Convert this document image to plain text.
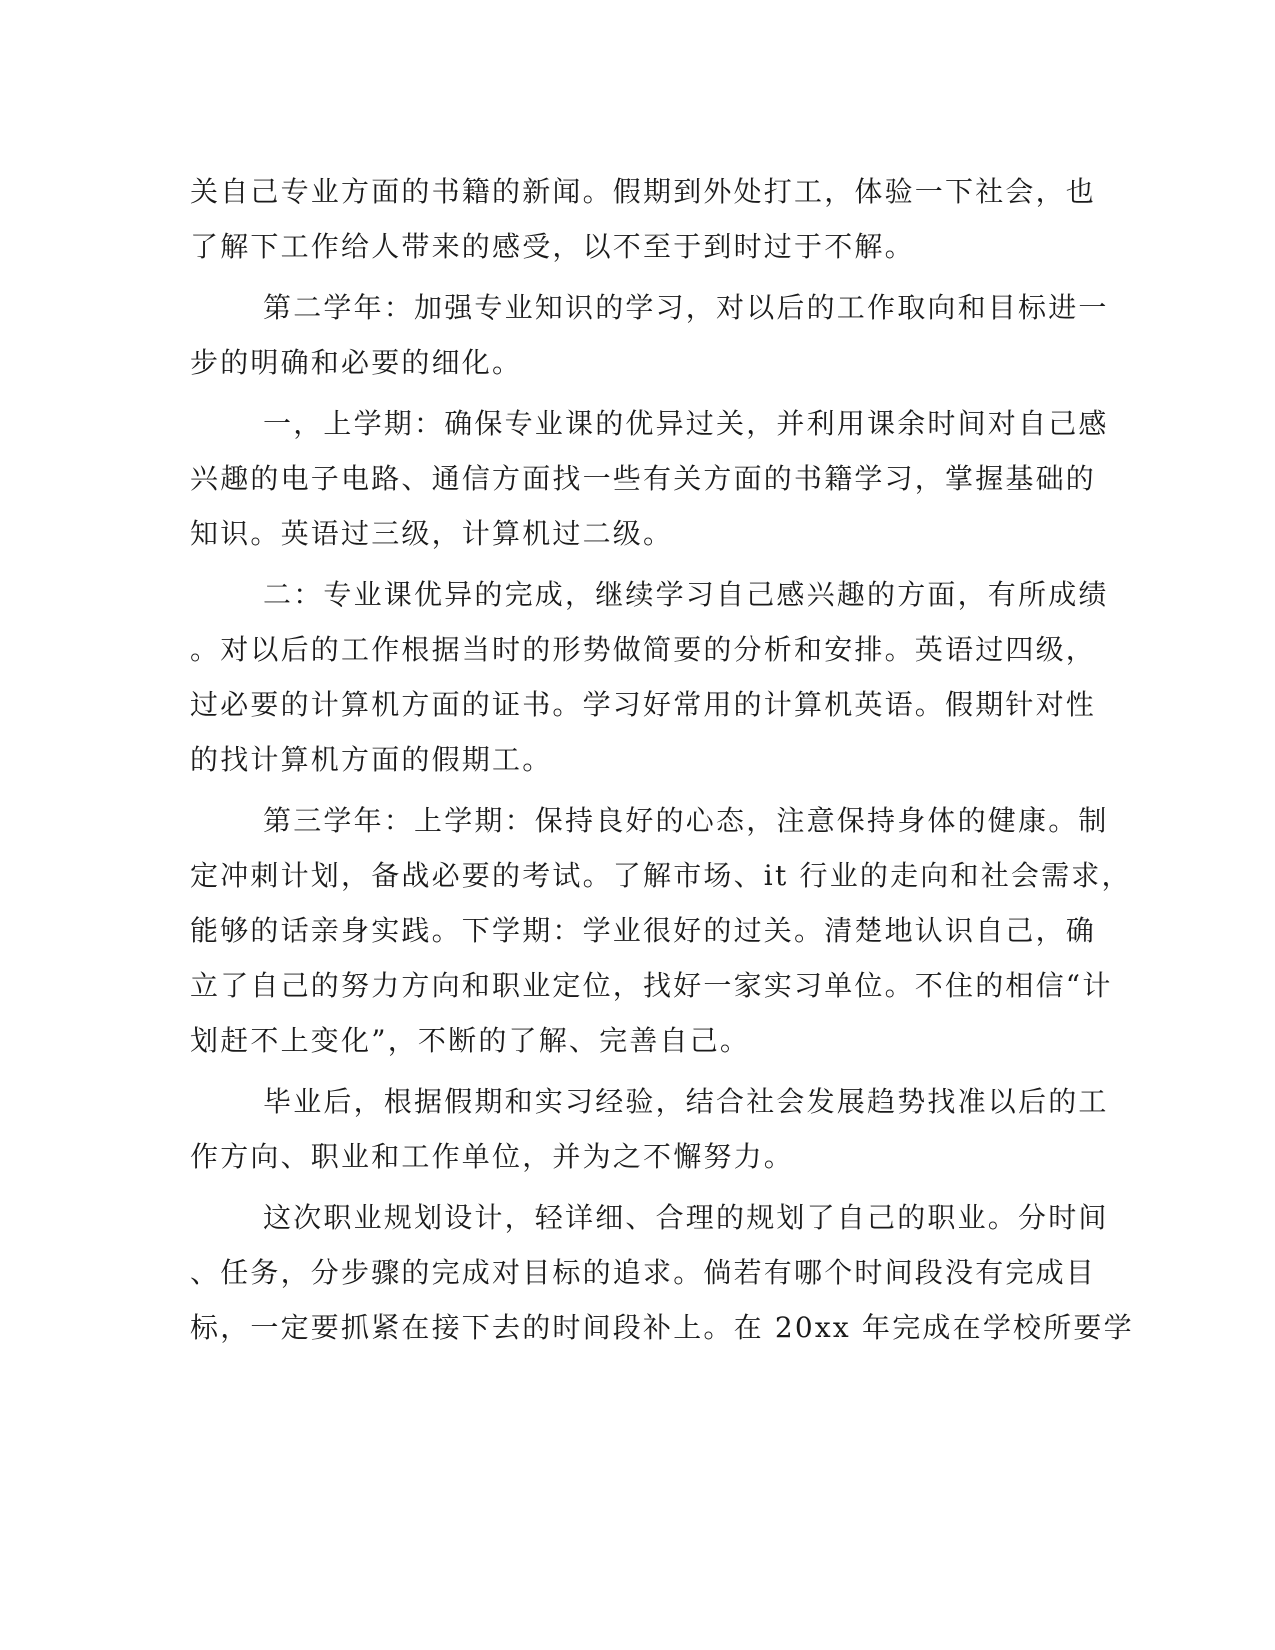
关自己专业方面的书籍的新闻。假期到外处打工，体验一下社会，也
了解下工作给人带来的感受，以不至于到时过于不解。
第二学年：加强专业知识的学习，对以后的工作取向和目标进一
步的明确和必要的细化。
一，上学期：确保专业课的优异过关，并利用课余时间对自己感
兴趣的电子电路、通信方面找一些有关方面的书籍学习，掌握基础的
知识。英语过三级，计算机过二级。
二：专业课优异的完成，继续学习自己感兴趣的方面，有所成绩
。对以后的工作根据当时的形势做简要的分析和安排。英语过四级，
过必要的计算机方面的证书。学习好常用的计算机英语。假期针对性
的找计算机方面的假期工。
第三学年：上学期：保持良好的心态，注意保持身体的健康。制
定冲刺计划，备战必要的考试。了解市场、it 行业的走向和社会需求，
能够的话亲身实践。下学期：学业很好的过关。清楚地认识自己，确
立了自己的努力方向和职业定位，找好一家实习单位。不住的相信“计
划赶不上变化”，不断的了解、完善自己。
毕业后，根据假期和实习经验，结合社会发展趋势找准以后的工
作方向、职业和工作单位，并为之不懈努力。
这次职业规划设计，轻详细、合理的规划了自己的职业。分时间
、任务，分步骤的完成对目标的追求。倘若有哪个时间段没有完成目
标，一定要抓紧在接下去的时间段补上。在 20xx 年完成在学校所要学
